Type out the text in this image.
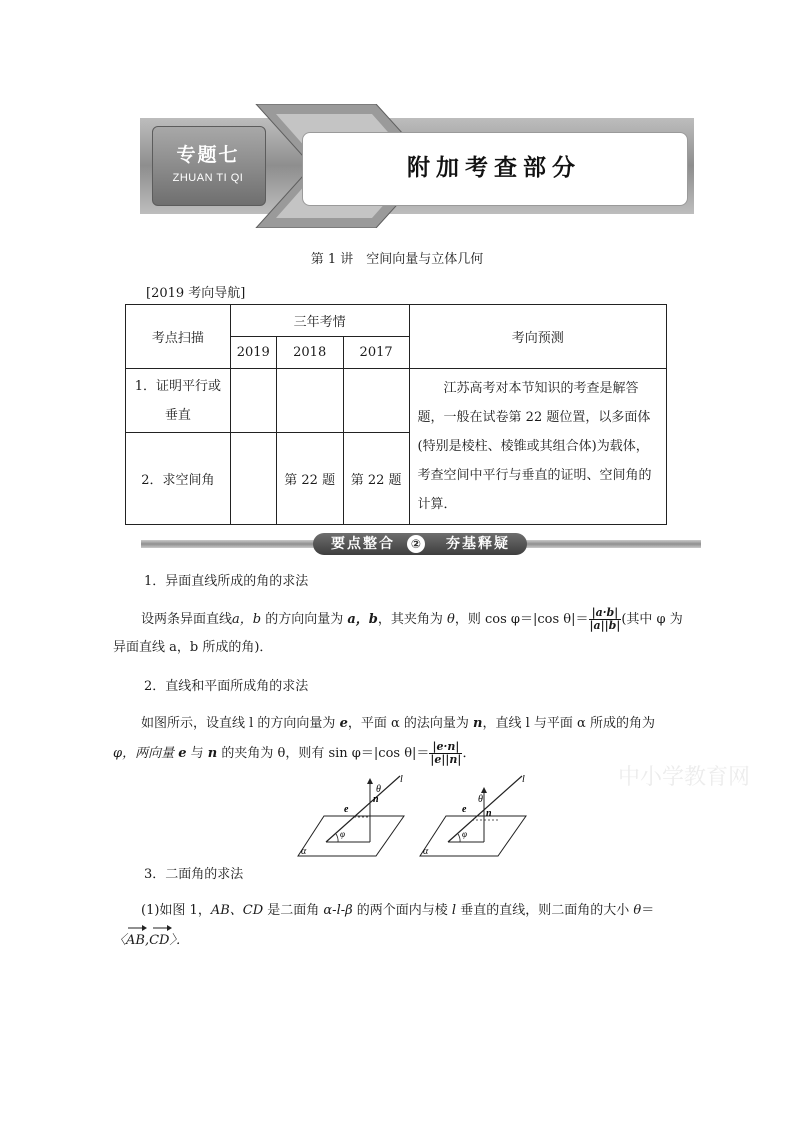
附加考查部分
专题七
ZHUAN TI QI
第 1 讲　空间向量与立体几何
[2019 考向导航]
考点扫描	三年考情			考向预测
	2019	2018	2017	
1．证明平行或垂直				江苏高考对本节知识的考查是解答题，一般在试卷第 22 题位置，以多面体(特别是棱柱、棱锥或其组合体)为载体，考查空间中平行与垂直的证明、空间角的计算．
2．求空间角		第 22 题	第 22 题	
要点整合	②	夯基释疑
1．异面直线所成的角的求法
设两条异面直线a，b 的方向向量为 a，b，其夹角为 θ，则 cos φ＝|cos $\theta|= \frac{|a\cdot b|}{|a||b|}$ (其中 φ 为
异面直线 a，b 所成的角)．
2．直线和平面所成角的求法
如图所示，设直线 l 的方向向量为 e，平面 α 的法向量为 n，直线 l 与平面 α 所成的角为
φ，两向量 e 与 n 的夹角为 θ，则有 sin φ＝|cos $\theta|= \frac{|e\cdot n|}{|e||n|}$ ．
中小学教育网
l
θ
n
e
φ
α
l
θ
n
e
φ
α
3．二面角的求法
(1)如图 1，AB、CD 是二面角 α-l-β 的两个面内与棱 l 垂直的直线，则二面角的大小 θ＝
〈AB,CD〉．
